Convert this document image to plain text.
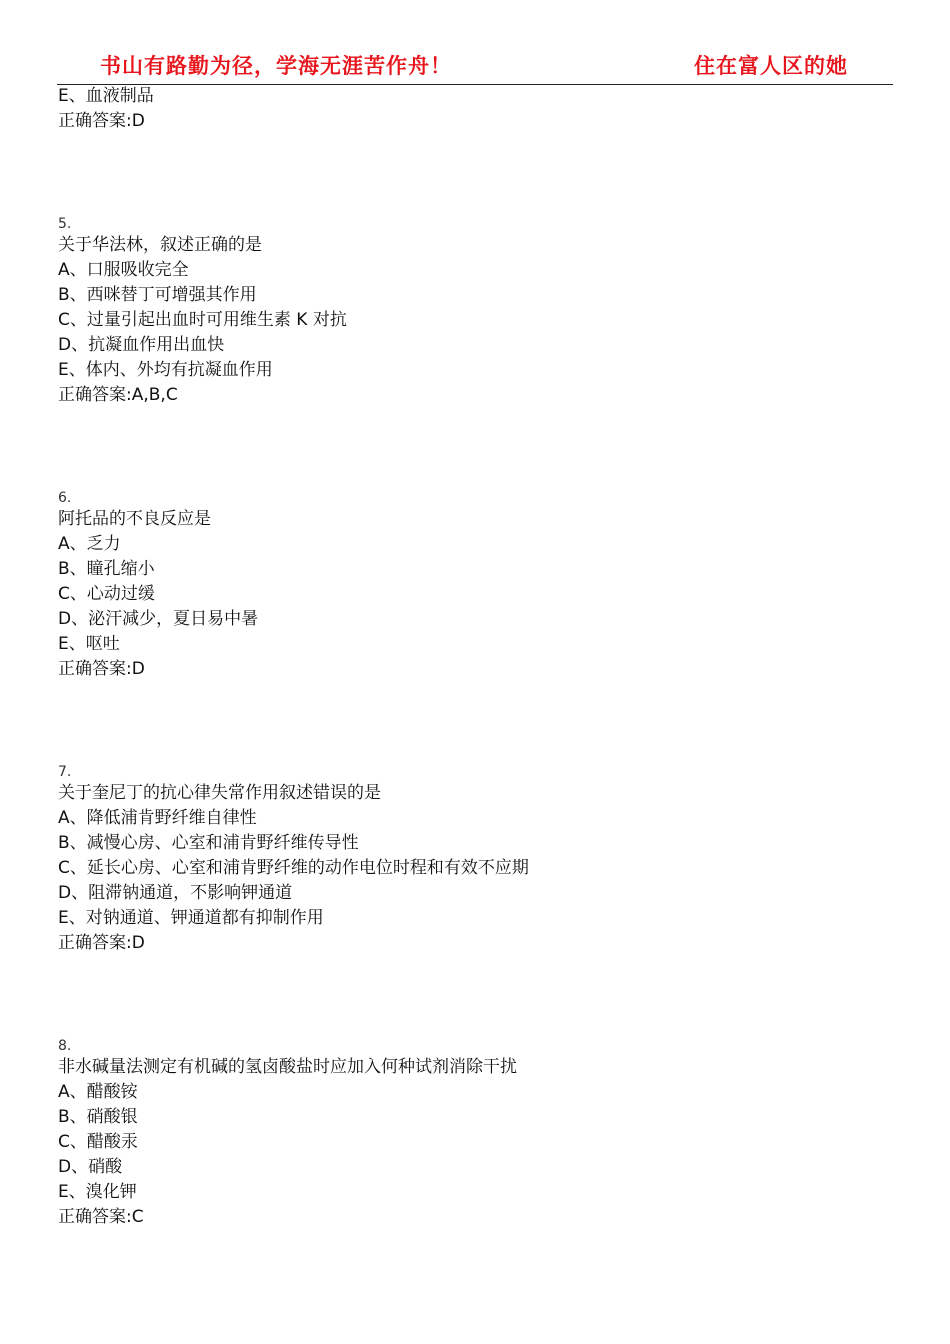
书山有路勤为径，学海无涯苦作舟！	住在富人区的她
E、血液制品
正确答案:D
5.
关于华法林，叙述正确的是
A、口服吸收完全
B、西咪替丁可增强其作用
C、过量引起出血时可用维生素 K 对抗
D、抗凝血作用出血快
E、体内、外均有抗凝血作用
正确答案:A,B,C
6.
阿托品的不良反应是
A、乏力
B、瞳孔缩小
C、心动过缓
D、泌汗减少，夏日易中暑
E、呕吐
正确答案:D
7.
关于奎尼丁的抗心律失常作用叙述错误的是
A、降低浦肯野纤维自律性
B、减慢心房、心室和浦肯野纤维传导性
C、延长心房、心室和浦肯野纤维的动作电位时程和有效不应期
D、阻滞钠通道，不影响钾通道
E、对钠通道、钾通道都有抑制作用
正确答案:D
8.
非水碱量法测定有机碱的氢卤酸盐时应加入何种试剂消除干扰
A、醋酸铵
B、硝酸银
C、醋酸汞
D、硝酸
E、溴化钾
正确答案:C
